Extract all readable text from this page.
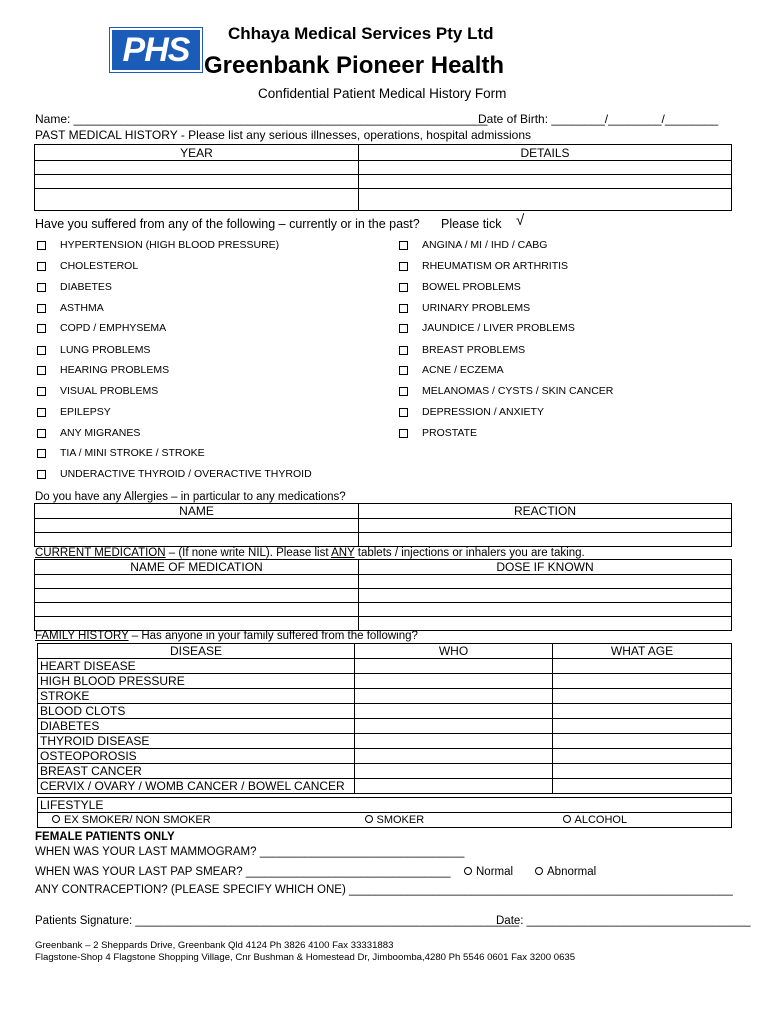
PHS Chhaya Medical Services Pty Ltd
Greenbank Pioneer Health
Confidential Patient Medical History Form
Name: ______________________________________________________________
Date of Birth: ________/________/________
PAST MEDICAL HISTORY - Please list any serious illnesses, operations, hospital admissions
YEAR	DETAILS

Have you suffered from any of the following – currently or in the past? Please tick √
HYPERTENSION (HIGH BLOOD PRESSURE)
CHOLESTEROL
DIABETES
ASTHMA
COPD / EMPHYSEMA
LUNG PROBLEMS
HEARING PROBLEMS
VISUAL PROBLEMS
EPILEPSY
ANY MIGRANES
TIA / MINI STROKE / STROKE
UNDERACTIVE THYROID / OVERACTIVE THYROID
ANGINA / MI / IHD / CABG
RHEUMATISM OR ARTHRITIS
BOWEL PROBLEMS
URINARY PROBLEMS
JAUNDICE / LIVER PROBLEMS
BREAST PROBLEMS
ACNE / ECZEMA
MELANOMAS / CYSTS / SKIN CANCER
DEPRESSION / ANXIETY
PROSTATE
Do you have any Allergies – in particular to any medications?
NAME	REACTION

CURRENT MEDICATION – (If none write NIL). Please list ANY tablets / injections or inhalers you are taking.
NAME OF MEDICATION	DOSE IF KNOWN

FAMILY HISTORY – Has anyone in your family suffered from the following?
DISEASE	WHO	WHAT AGE
HEART DISEASE		
HIGH BLOOD PRESSURE		
STROKE		
BLOOD CLOTS		
DIABETES		
THYROID DISEASE		
OSTEOPOROSIS		
BREAST CANCER		
CERVIX / OVARY / WOMB CANCER / BOWEL CANCER		
LIFESTYLE
EX SMOKER/ NON SMOKER	SMOKER	ALCOHOL
FEMALE PATIENTS ONLY
WHEN WAS YOUR LAST MAMMOGRAM? ________________________________
WHEN WAS YOUR LAST PAP SMEAR? ________________________________	Normal	Abnormal
ANY CONTRACEPTION? (PLEASE SPECIFY WHICH ONE) ____________________________________________________________
Patients Signature: ____________________________________________________________
Date: ___________________________________
Greenbank – 2 Sheppards Drive, Greenbank Qld 4124 Ph 3826 4100 Fax 33331883
Flagstone-Shop 4 Flagstone Shopping Village, Cnr Bushman & Homestead Dr, Jimboomba,4280 Ph 5546 0601 Fax 3200 0635
